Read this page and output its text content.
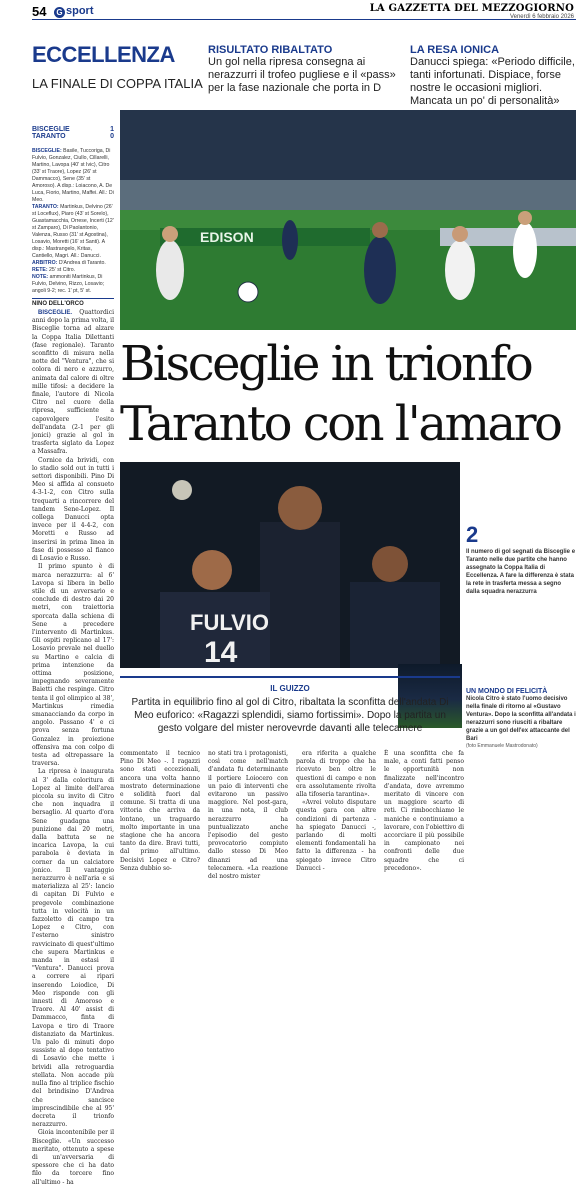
54 G sport	LA GAZZETTA DEL MEZZOGIORNO
Venerdì 6 febbraio 2026
ECCELLENZA
LA FINALE DI COPPA ITALIA
RISULTATO RIBALTATO
Un gol nella ripresa consegna ai nerazzurri il trofeo pugliese e il «pass» per la fase nazionale che porta in D
LA RESA IONICA
Danucci spiega: «Periodo difficile, tanti infortunati. Dispiace, forse nostre le occasioni migliori. Mancata un po' di personalità»
EDISON
Bisceglie in trionfo
Taranto con l'amaro
FULVIO
14
BISCEGLIE	1
TARANTO	0
BISCEGLIE: Basile, Tuccoriga, Di Fulvio, Gonzalez, Ciullo, Cillarelli, Martino, Lavopa (40' st Ivic), Citro (33' st Traore), Lopez (26' st Dammacco), Sene (35' st Amoroso). A disp.: Loiacono, A. De Luca, Fiorio, Martino, Maffei. All.: Di Meo.
TARANTO: Martinkus, Delvino (26' st Loceflux), Piaro (43' st Sorelo), Guastamacchia, Orrese, Incerti (12' st Zamparo), Di Paolantonio, Valenza, Russo (31' st Agostina), Losavio, Moretti (16' st Santi). A disp.: Mastrangelo, Kritas, Cantiello, Magri. All.: Danucci.
ARBITRO: D'Andrea di Taranto.
RETE: 25' st Citro.
NOTE: ammoniti Martinkus, Di Fulvio, Delvino, Rizzo, Losavio; angoli 9-2; rec. 1' pt, 5' st.
NINO DELL'ORCO

BISCEGLIE. Quattordici anni dopo la prima volta, il Bisceglie torna ad alzare la Coppa Italia Dilettanti (fase regionale). Taranto sconfitto di misura nella notte del "Ventura", che si colora di nero e azzurro, animata dal calore di oltre mille tifosi: a decidere la finale, l'autore di Nicola Citro nel cuore della ripresa, sufficiente a capovolgere l'esito dell'andata (2-1 per gli jonici) grazie al gol in trasferta siglato da Lopez a Massafra.

Cornice da brividi, con lo stadio sold out in tutti i settori disponibili. Pino Di Meo si affida al consueto 4-3-1-2, con Citro sulla trequarti a rincorrere del tandem Sene-Lopez. Il collega Danucci opta invece per il 4-4-2, con Moretti e Russo ad inserirsi in prima linea in fase di possesso al fianco di Losavio e Russo.

Il primo spunto è di marca nerazzurra: al 6' Lavopa si libera in bello stile di un avversario e conclude di destro dai 20 metri, con traiettoria sporcata dalla schiena di Sene a precedere l'intervento di Martinkus. Gli ospiti replicano al 17': Losavio prevale nel duello su Martino e calcia di prima intenzione da ottima posizione, impegnando severamente Baietti che respinge. Citro tenta il gol olimpico al 38', Martinkus rimedia smanacciando da corpo in angolo. Passano 4' e ci prova senza fortuna Gonzalez in proiezione offensiva ma con colpo di testa ad oltrepassare la traversa.

La ripresa è inaugurata al 3' dalla coloritura di Lopez al limite dell'area piccola su invito di Citro che non inquadra il bersaglio. Al quarto d'ora Sene guadagna una punizione dai 20 metri, dalla battuta se ne incarica Lavopa, la cui parabola è deviata in corner da un calciatore jonico. Il vantaggio nerazzurro è nell'aria e si materializza al 25': lancio di capitan Di Fulvio e pregevole combinazione tutta in velocità in un fazzoletto di campo tra Lopez e Citro, con l'esterno sinistro ravvicinato di quest'ultimo che supera Martinkus e manda in estasi il "Ventura". Danucci prova a correre ai ripari inserendo Loiodice, Di Meo risponde con gli innesti di Amoroso e Traore. Al 40' assist di Dammacco, finta di Lavopa e tiro di Traore distanziato da Martinkus. Un palo di minuti dopo sussiste al dopo tentativo di Losavio che mette i brividi alla retroguardia stellata. Non accade più nulla fino al triplice fischio del brindisino D'Andrea che sancisce imprescindibile che al 95' decreta il trionfo nerazzurro.

Gioia incontenibile per il Bisceglie. «Un successo meritato, ottenuto a spese di un'avversaria di spessore che ci ha dato filo da torcere fino all'ultimo - ha

2
Il numero di gol segnati da Bisceglie e Taranto nelle due partite che hanno assegnato la Coppa Italia di Eccellenza. A fare la differenza è stata la rete in trasferta messa a segno dalla squadra nerazzurra
UN MONDO DI FELICITÀ
Nicola Citro è stato l'uomo decisivo nella finale di ritorno al «Gustavo Ventura». Dopo la sconfitta all'andata i nerazzurri sono riusciti a ribaltare grazie a un gol dell'ex attaccante del Bari
(foto Emmanuele Mastrodonato)
IL GUIZZO
Partita in equilibrio fino al gol di Citro, ribaltata la sconfitta dell'andata Di Meo euforico: «Ragazzi splendidi, siamo fortissimi». Dopo la partita un gesto volgare del mister nerovevrde davanti alle telecamere
commentato il tecnico Pino Di Meo -. I ragazzi sono stati eccezionali, ancora una volta hanno mostrato determinazione e solidità fuori dal comune. Si tratta di una vittoria che arriva da lontano, un traguardo molto importante in una stagione che ha ancora tanto da dire. Bravi tutti, dal primo all'ultimo. Decisivi Lopez e Citro? Senza dubbio so-
no stati tra i protagonisti, così come nell'match d'andata fu determinante il portiere Loiocero con un paio di interventi che evitarono un passivo maggiore. Nel post-gara, in una nota, il club nerazzurro ha puntualizzato anche l'episodio del gesto provocatorio compiuto dallo stesso Di Meo dinanzi ad una telecamera. «La reazione del nostro mister

era riferita a qualche parola di troppo che ha ricevuto ben oltre le questioni di campo e non era assolutamente rivolta alla tifoseria tarantina».

«Avrei voluto disputare questa gara con altre condizioni di partenza - ha spiegato Danucci -, parlando di molti elementi fondamentali ha fatto la differenza - ha spiegato invece Citro Danucci -

È una sconfitta che fa male, a conti fatti penso le opportunità non finalizzate nell'incontro d'andata, dove avremmo meritato di vincere con un maggiore scarto di reti. Ci rimbocchiamo le maniche e continuiamo a lavorare, con l'obiettivo di accorciare il più possibile in campionato nei confronti delle due squadre che ci precedono».
